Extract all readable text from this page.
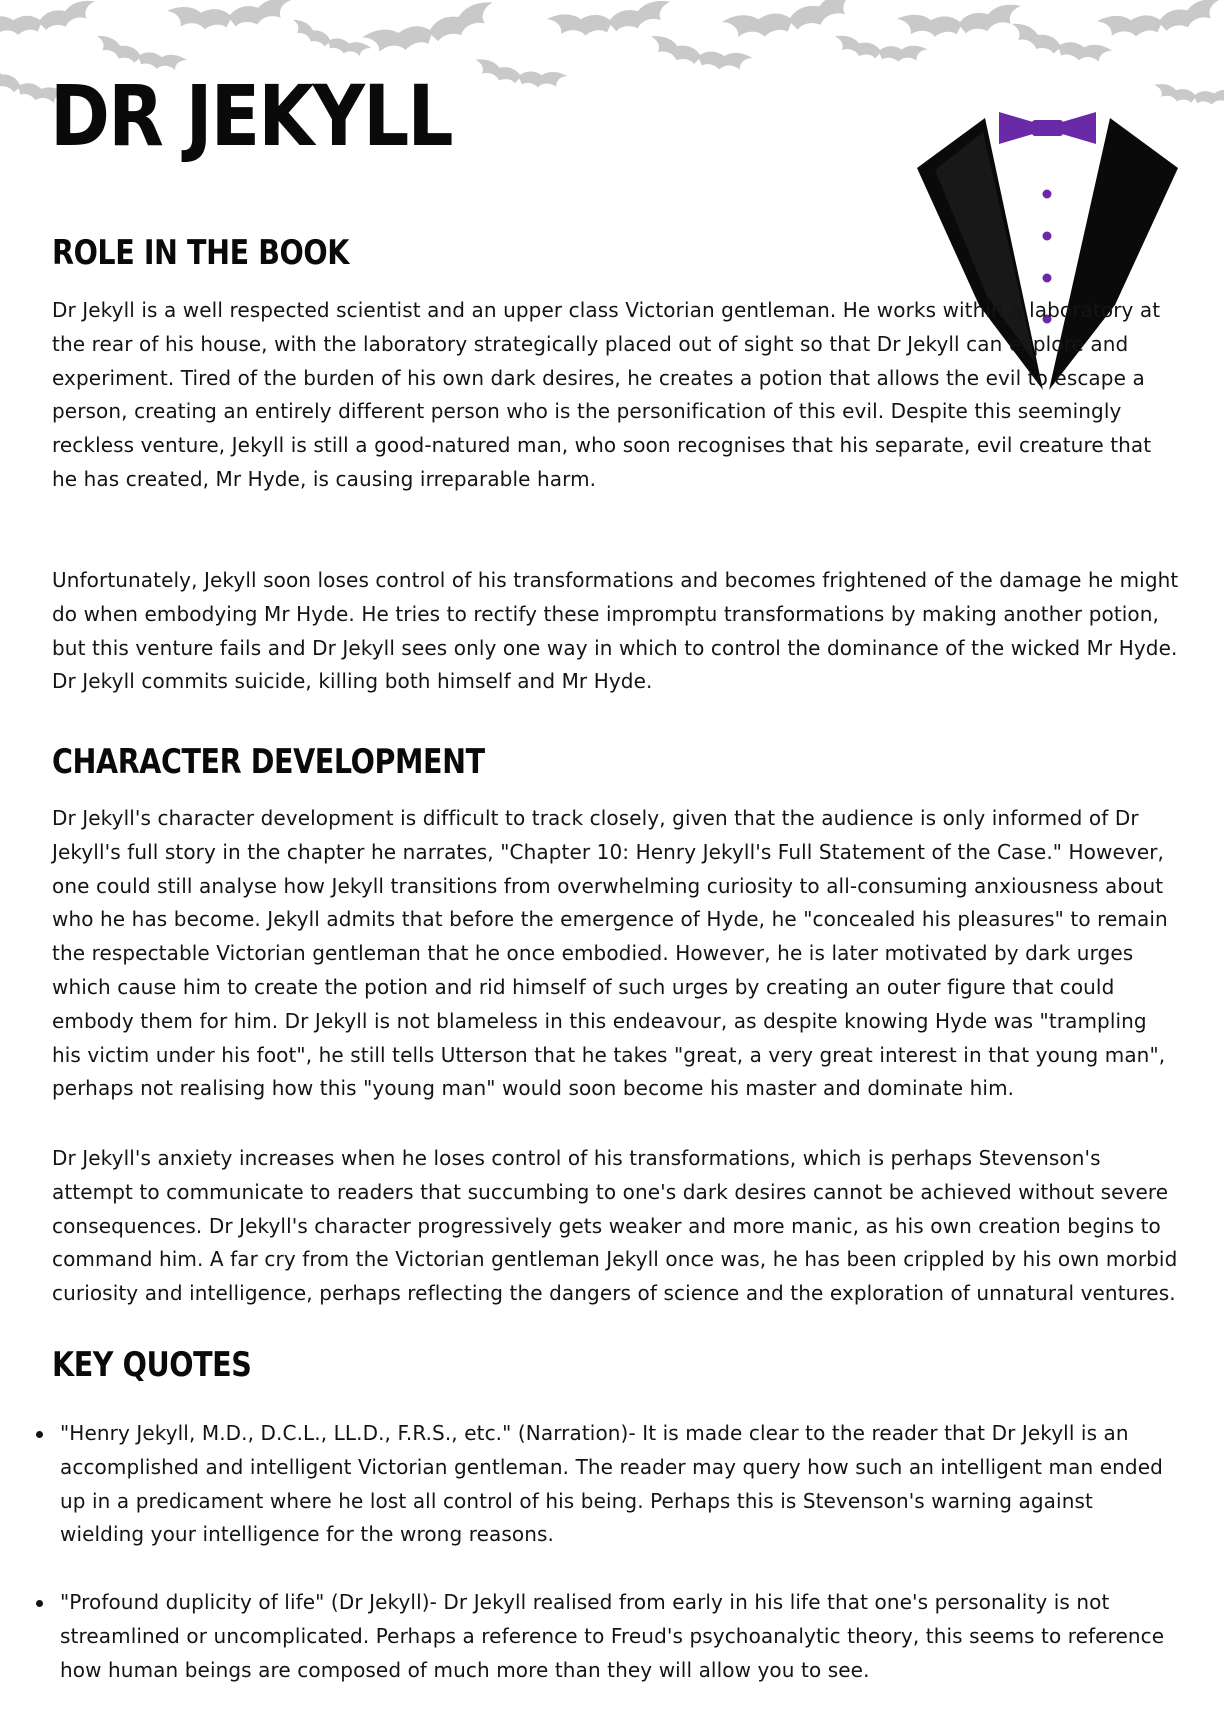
DR JEKYLL
ROLE IN THE BOOK

Dr Jekyll is a well respected scientist and an upper class Victorian gentleman. He works within a laboratory at the rear of his house, with the laboratory strategically placed out of sight so that Dr Jekyll can explore and experiment. Tired of the burden of his own dark desires, he creates a potion that allows the evil to escape a person, creating an entirely different person who is the personification of this evil. Despite this seemingly reckless venture, Jekyll is still a good-natured man, who soon recognises that his separate, evil creature that he has created, Mr Hyde, is causing irreparable harm.

Unfortunately, Jekyll soon loses control of his transformations and becomes frightened of the damage he might do when embodying Mr Hyde. He tries to rectify these impromptu transformations by making another potion, but this venture fails and Dr Jekyll sees only one way in which to control the dominance of the wicked Mr Hyde. Dr Jekyll commits suicide, killing both himself and Mr Hyde.

CHARACTER DEVELOPMENT

Dr Jekyll's character development is difficult to track closely, given that the audience is only informed of Dr Jekyll's full story in the chapter he narrates, "Chapter 10: Henry Jekyll's Full Statement of the Case." However, one could still analyse how Jekyll transitions from overwhelming curiosity to all-consuming anxiousness about who he has become. Jekyll admits that before the emergence of Hyde, he "concealed his pleasures" to remain the respectable Victorian gentleman that he once embodied. However, he is later motivated by dark urges which cause him to create the potion and rid himself of such urges by creating an outer figure that could embody them for him. Dr Jekyll is not blameless in this endeavour, as despite knowing Hyde was "trampling his victim under his foot", he still tells Utterson that he takes "great, a very great interest in that young man", perhaps not realising how this "young man" would soon become his master and dominate him.

Dr Jekyll's anxiety increases when he loses control of his transformations, which is perhaps Stevenson's attempt to communicate to readers that succumbing to one's dark desires cannot be achieved without severe consequences. Dr Jekyll's character progressively gets weaker and more manic, as his own creation begins to command him. A far cry from the Victorian gentleman Jekyll once was, he has been crippled by his own morbid curiosity and intelligence, perhaps reflecting the dangers of science and the exploration of unnatural ventures.

KEY QUOTES
"Henry Jekyll, M.D., D.C.L., LL.D., F.R.S., etc." (Narration)- It is made clear to the reader that Dr Jekyll is an accomplished and intelligent Victorian gentleman. The reader may query how such an intelligent man ended up in a predicament where he lost all control of his being. Perhaps this is Stevenson's warning against wielding your intelligence for the wrong reasons.
"Profound duplicity of life" (Dr Jekyll)- Dr Jekyll realised from early in his life that one's personality is not streamlined or uncomplicated. Perhaps a reference to Freud's psychoanalytic theory, this seems to reference how human beings are composed of much more than they will allow you to see.
